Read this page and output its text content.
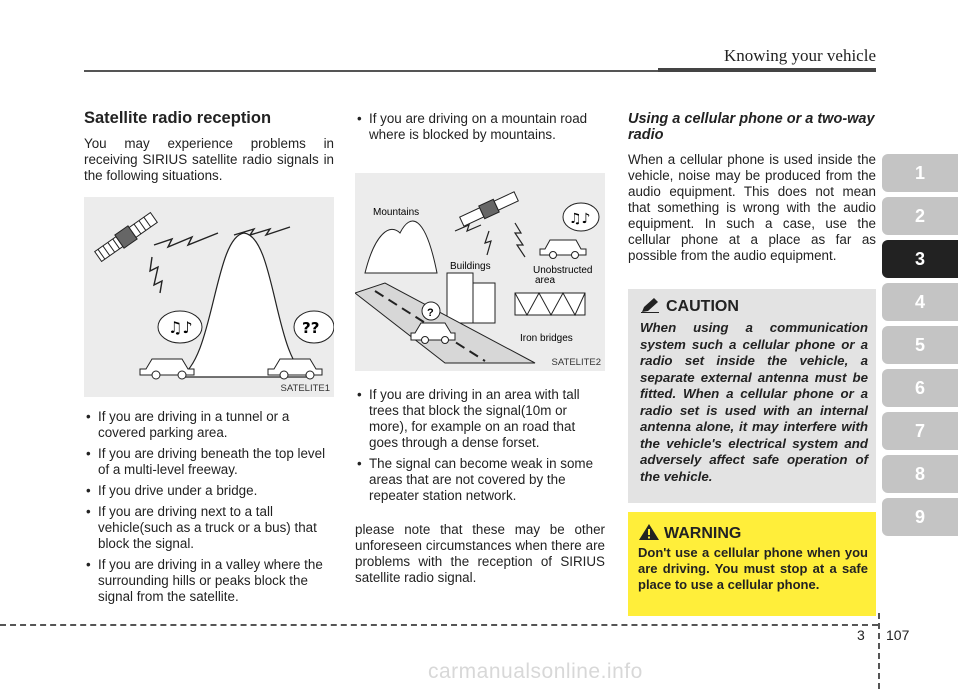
Knowing your vehicle
Satellite radio reception

You may experience problems in receiving SIRIUS satellite radio signals in the following situations.

♫♪	??
SATELITE1
• If you are driving in a tunnel or a covered parking area.
• If you are driving beneath the top level of a multi-level freeway.
• If you drive under a bridge.
• If you are driving next to a tall vehicle(such as a truck or a bus) that block the signal.
• If you are driving in a valley where the surrounding hills or peaks block the signal from the satellite.
• If you are driving on a mountain road where is blocked by mountains.
Mountains	♫♪
Unobstructed
area
Buildings
?
Iron bridges
SATELITE2
• If you are driving in an area with tall trees that block the signal(10m or more), for example on an road that goes through a dense forset.
• The signal can become weak in some areas that are not covered by the repeater station network.

please note that these may be other unforeseen circumstances when there are problems with the reception of SIRIUS satellite radio signal.

Using a cellular phone or a two-way radio

When a cellular phone is used inside the vehicle, noise may be produced from the audio equipment. This does not mean that something is wrong with the audio equipment. In such a case, use the cellular phone at a place as far as possible from the audio equipment.

CAUTION
When using a communication system such a cellular phone or a radio set inside the vehicle, a separate external antenna must be fitted. When a cellular phone or a radio set is used with an internal antenna alone, it may interfere with the vehicle's electrical system and adversely affect safe operation of the vehicle.
WARNING
Don't use a cellular phone when you are driving. You must stop at a safe place to use a cellular phone.
1
2
3
4
5
6
7
8
9
3 107
carmanualsonline.info
